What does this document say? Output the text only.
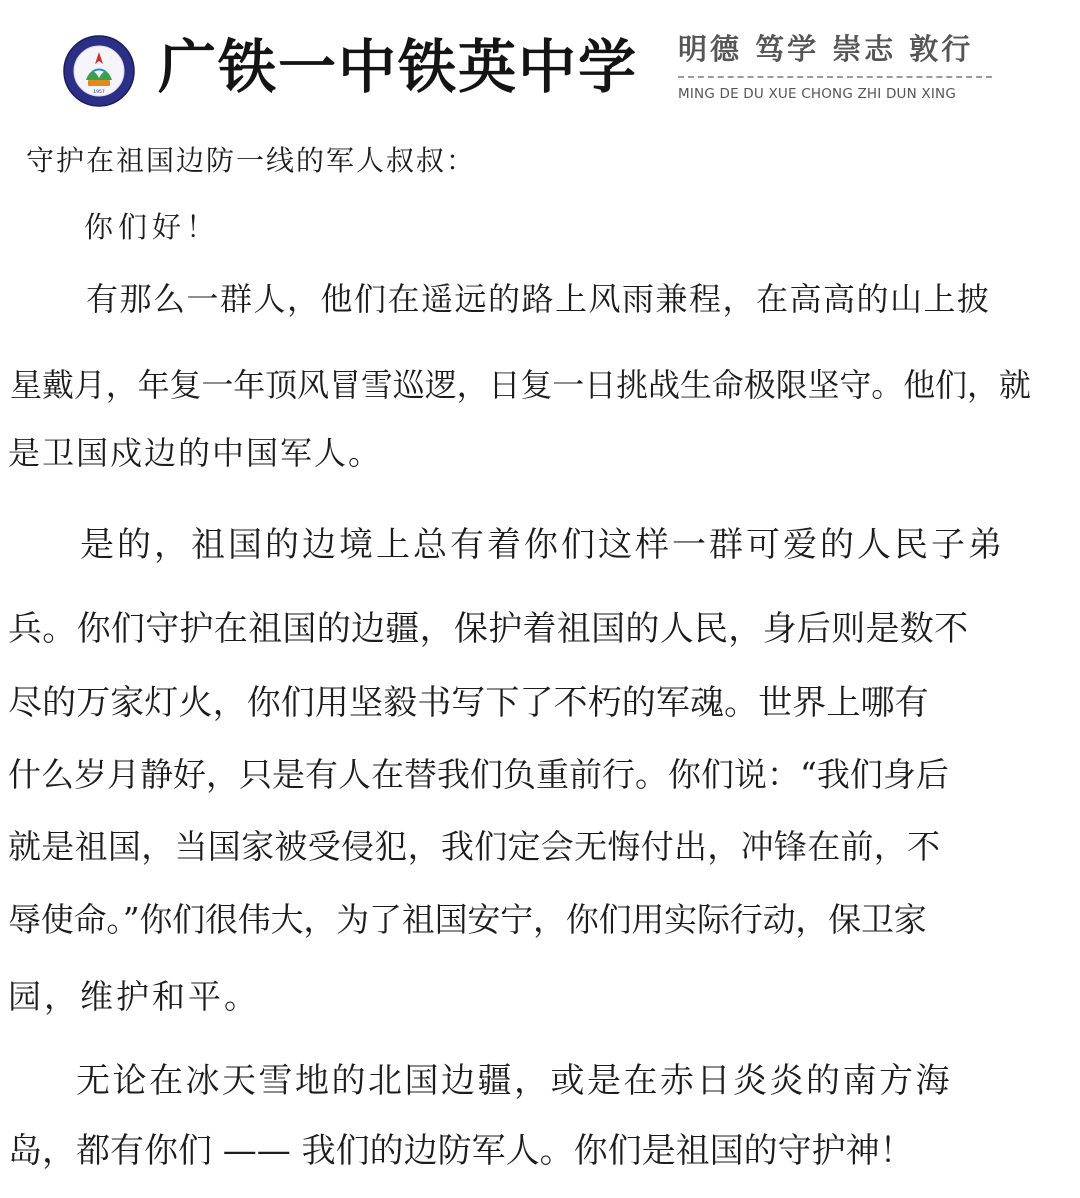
1957 广铁一中铁英中学 明德 笃学 崇志 敦行
MING DE DU XUE CHONG ZHI DUN XING
守护在祖国边防一线的军人叔叔：
你们好！
有那么一群人，他们在遥远的路上风雨兼程，在高高的山上披
星戴月，年复一年顶风冒雪巡逻，日复一日挑战生命极限坚守。他们，就
是卫国戍边的中国军人。
是的，祖国的边境上总有着你们这样一群可爱的人民子弟
兵。你们守护在祖国的边疆，保护着祖国的人民，身后则是数不
尽的万家灯火，你们用坚毅书写下了不朽的军魂。世界上哪有
什么岁月静好，只是有人在替我们负重前行。你们说：“我们身后
就是祖国，当国家被受侵犯，我们定会无悔付出，冲锋在前，不
辱使命。”你们很伟大，为了祖国安宁，你们用实际行动，保卫家
园，维护和平。
无论在冰天雪地的北国边疆，或是在赤日炎炎的南方海
岛，都有你们 —— 我们的边防军人。你们是祖国的守护神！
